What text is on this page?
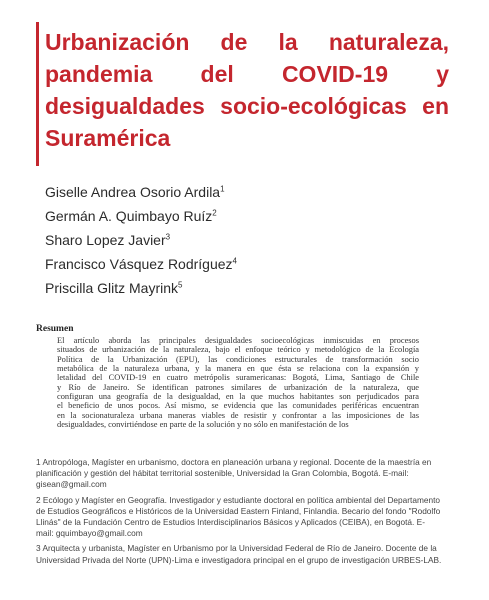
Urbanización de la naturaleza,
pandemia del COVID-19 y
desigualdades socio-ecológicas en
Suramérica
Giselle Andrea Osorio Ardila$^1$
Germán A. Quimbayo Ruíz$^2$
Sharo Lopez Javier$^3$
Francisco Vásquez Rodríguez$^4$
Priscilla Glitz Mayrink$^5$
Resumen
El artículo aborda las principales desigualdades socioecológicas inmiscuidas en procesos
situados de urbanización de la naturaleza, bajo el enfoque teórico y metodológico de la Ecología
Política de la Urbanización (EPU), las condiciones estructurales de transformación socio
metabólica de la naturaleza urbana, y la manera en que ésta se relaciona con la expansión y
letalidad del COVID-19 en cuatro metrópolis suramericanas: Bogotá, Lima, Santiago de Chile
y Río de Janeiro. Se identifican patrones similares de urbanización de la naturaleza, que
configuran una geografía de la desigualdad, en la que muchos habitantes son perjudicados para
el beneficio de unos pocos. Así mismo, se evidencia que las comunidades periféricas encuentran
en la socionaturaleza urbana maneras viables de resistir y confrontar a las imposiciones de las
desigualdades, convirtiéndose en parte de la solución y no sólo en manifestación de los
1 Antropóloga, Magíster en urbanismo, doctora en planeación urbana y regional. Docente de la maestría en
planificación y gestión del hábitat territorial sostenible, Universidad la Gran Colombia, Bogotá. E-mail:
gisean@gmail.com
2 Ecólogo y Magíster en Geografía. Investigador y estudiante doctoral en política ambiental del Departamento
de Estudios Geográficos e Históricos de la Universidad Eastern Finland, Finlandia. Becario del fondo "Rodolfo
Llinás" de la Fundación Centro de Estudios Interdisciplinarios Básicos y Aplicados (CEIBA), en Bogotá. E-
mail: gquimbayo@gmail.com
3 Arquitecta y urbanista, Magíster en Urbanismo por la Universidad Federal de Río de Janeiro. Docente de la
Universidad Privada del Norte (UPN)-Lima e investigadora principal en el grupo de investigación URBES-LAB.
